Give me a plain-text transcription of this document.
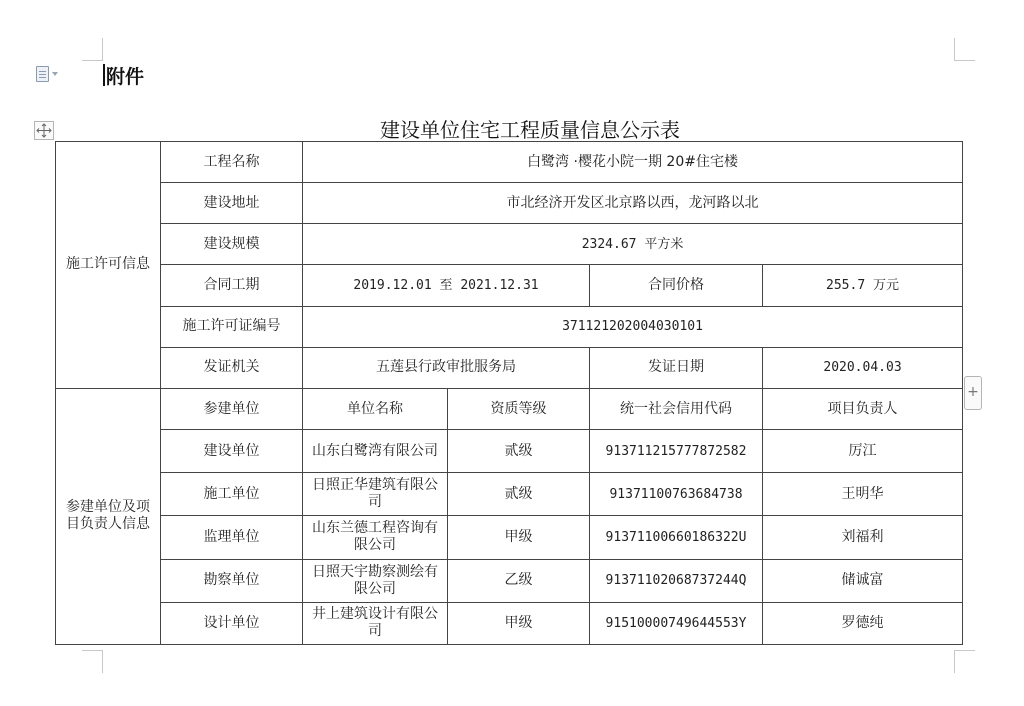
附件
建设单位住宅工程质量信息公示表
施工许可信息	工程名称	白鹭湾 ·樱花小院一期 20#住宅楼			
	建设地址	市北经济开发区北京路以西，龙河路以北			
	建设规模	2324.67 平方米			
	合同工期	2019.12.01 至 2021.12.31		合同价格	255.7 万元
	施工许可证编号	371121202004030101			
	发证机关	五莲县行政审批服务局		发证日期	2020.04.03
参建单位及项目负责人信息	参建单位	单位名称	资质等级	统一社会信用代码	项目负责人
	建设单位	山东白鹭湾有限公司	贰级	913711215777872582	厉江
	施工单位	日照正华建筑有限公司	贰级	91371100763684738	王明华
	监理单位	山东兰德工程咨询有限公司	甲级	91371100660186322U	刘福利
	勘察单位	日照天宇勘察测绘有限公司	乙级	91371102068737244Q	储诚富
	设计单位	井上建筑设计有限公司	甲级	91510000749644553Y	罗德纯
+
